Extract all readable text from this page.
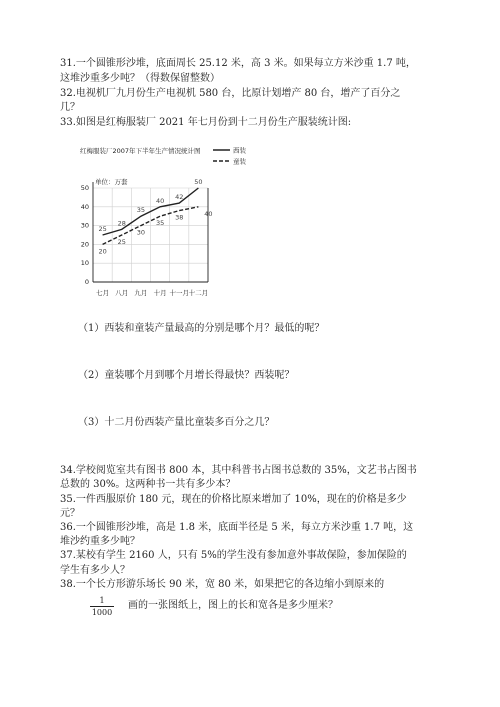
31.一个圆锥形沙堆，底面周长 25.12 米，高 3 米。如果每立方米沙重 1.7 吨，
这堆沙重多少吨？（得数保留整数）
32.电视机厂九月份生产电视机 580 台，比原计划增产 80 台，增产了百分之
几？
33.如图是红梅服装厂 2021 年七月份到十二月份生产服装统计图:
红梅服装厂2007年下半年生产情况统计图
单位：万套
0
10
20
30
40
50
七月 八月 九月 十月 十一月 十二月
25
28
35
40 42
50
20
25
30
35
38	40
西装
童装
（1）西装和童装产量最高的分别是哪个月？最低的呢？
（2）童装哪个月到哪个月增长得最快？西装呢？
（3）十二月份西装产量比童装多百分之几？
34.学校阅览室共有图书 800 本，其中科普书占图书总数的 35%，文艺书占图书
总数的 30%。这两种书一共有多少本？
35.一件西服原价 180 元，现在的价格比原来增加了 10%，现在的价格是多少
元？
36.一个圆锥形沙堆，高是 1.8 米，底面半径是 5 米，每立方米沙重 1.7 吨，这
堆沙约重多少吨？
37.某校有学生 2160 人，只有 5%的学生没有参加意外事故保险，参加保险的
学生有多少人？
38.一个长方形游乐场长 90 米，宽 80 米，如果把它的各边缩小到原来的
$\frac{1}{1000}$ 画的一张图纸上，图上的长和宽各是多少厘米？
